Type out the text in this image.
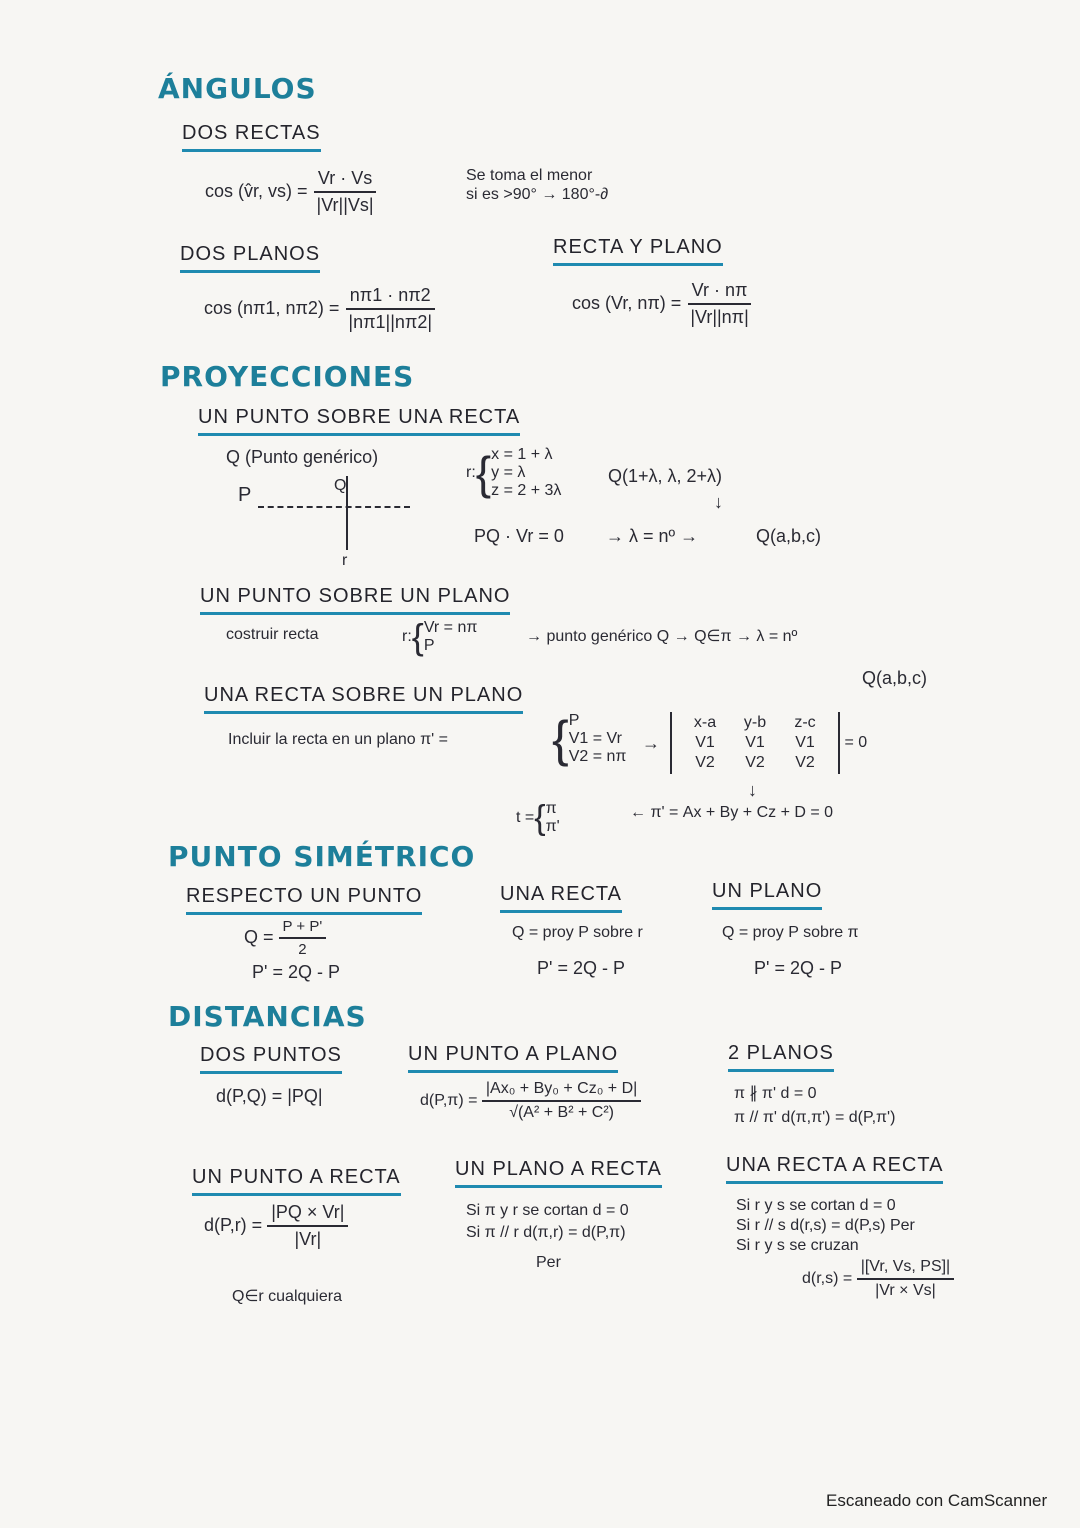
ÁNGULOS
DOS RECTAS
cos (v̂r, $vs) = \frac{Vr \cdot Vs}{|Vr||Vs|}$	Se toma el menor
si es >90° → 180°-∂
DOS PLANOS
cos (nπ1, $n\pi 2) = \frac{n\pi 1 \cdot n\pi 2}{|n\pi 1||n\pi 2|}$
RECTA Y PLANO
cos (Vr, $n\pi) = \frac{Vr \cdot n\pi}{|Vr||n\pi|}$
PROYECCIONES
UN PUNTO SOBRE UNA RECTA
Q (Punto genérico)
P	Q
r
r:{ x = 1 + λ
y = λ
z = 2 + 3λ
Q(1+λ, λ, 2+λ)
↓
PQ · Vr = 0 → λ = nº →	Q(a,b,c)
UN PUNTO SOBRE UN PLANO
costruir recta	r:{ Vr = nπ
P
→ punto genérico Q → Q∈π → λ = nº
Q(a,b,c)
UNA RECTA SOBRE UN PLANO
Incluir la recta en un plano π' = { P
V1 = Vr
V2 = nπ
→
x-a	y-b	z-c
V1	V1	V1
V2	V2	V2
= 0
↓
t ={ π
π'
← π' = Ax + By + Cz + D = 0
PUNTO SIMÉTRICO
RESPECTO UN PUNTO
$Q = \frac{P + P'}{2}$
P' = 2Q - P
UNA RECTA
Q = proy P sobre r
P' = 2Q - P
UN PLANO
Q = proy P sobre π
P' = 2Q - P
DISTANCIAS
DOS PUNTOS
d(P,Q) = |PQ|
UN PUNTO A PLANO
$d(P,\pi) = \frac{\text{|Ax₀ + By₀ + Cz₀ + D|}}{\text{√(A² + B² + C²)}}$
2 PLANOS
π ∦ π' d = 0
π // π' d(π,π') = d(P,π')
UN PUNTO A RECTA
$d(P,r) = \frac{|PQ \times Vr|}{|Vr|}$
Q∈r cualquiera
UN PLANO A RECTA
Si π y r se cortan d = 0
Si π // r d(π,r) = d(P,π)
Per
UNA RECTA A RECTA
Si r y s se cortan d = 0
Si r // s d(r,s) = d(P,s) Per
Si r y s se cruzan
$d(r,s) = \frac{|[Vr, Vs, PS]|}{|Vr \times Vs|}$
Escaneado con CamScanner
